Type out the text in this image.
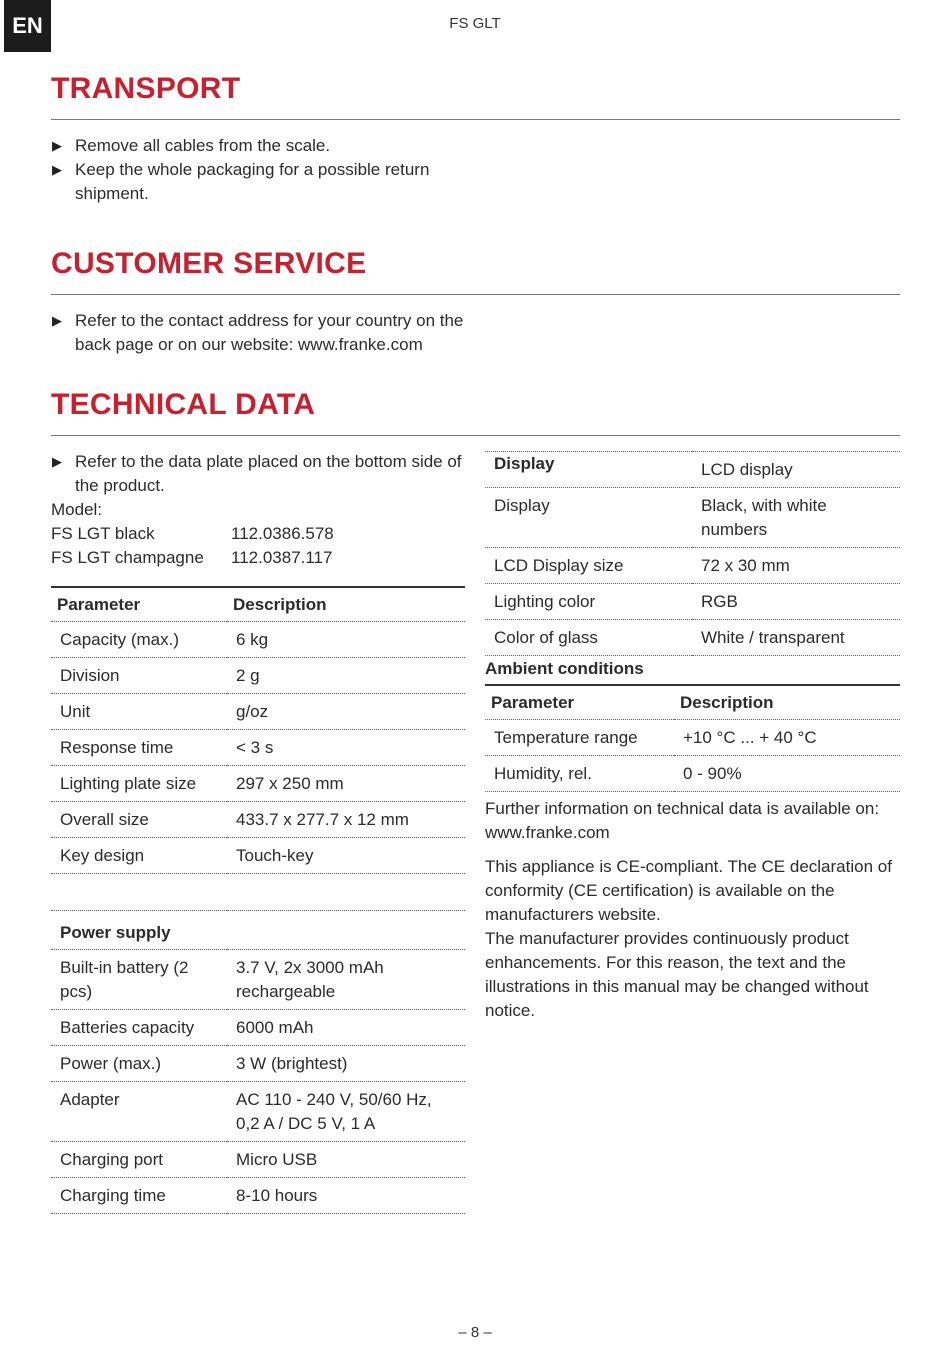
EN	FS GLT
TRANSPORT
▶ Remove all cables from the scale.
▶ Keep the whole packaging for a possible return shipment.
CUSTOMER SERVICE
▶ Refer to the contact address for your country on the back page or on our website: www.franke.com
TECHNICAL DATA
▶ Refer to the data plate placed on the bottom side of the product.
Model:
FS LGT black	112.0386.578
FS LGT champagne	112.0387.117
Parameter	Description
Capacity (max.)	6 kg
Division	2 g
Unit	g/oz
Response time	< 3 s
Lighting plate size	297 x 250 mm
Overall size	433.7 x 277.7 x 12 mm
Key design	Touch-key

Power supply	
Built-in battery (2 pcs)	3.7 V, 2x 3000 mAh rechargeable
Batteries capacity	6000 mAh
Power (max.)	3 W (brightest)
Adapter	AC 110 - 240 V, 50/60 Hz, 0,2 A / DC 5 V, 1 A
Charging port	Micro USB
Charging time	8-10 hours
Display	LCD display
Display	Black, with white numbers
LCD Display size	72 x 30 mm
Lighting color	RGB
Color of glass	White / transparent
Ambient conditions
Parameter	Description
Temperature range	+10 °C ... + 40 °C
Humidity, rel.	0 - 90%

Further information on technical data is available on: www.franke.com

This appliance is CE-compliant. The CE declaration of conformity (CE certification) is available on the manufacturers website.

The manufacturer provides continuously product enhancements. For this reason, the text and the illustrations in this manual may be changed without notice.

– 8 –
